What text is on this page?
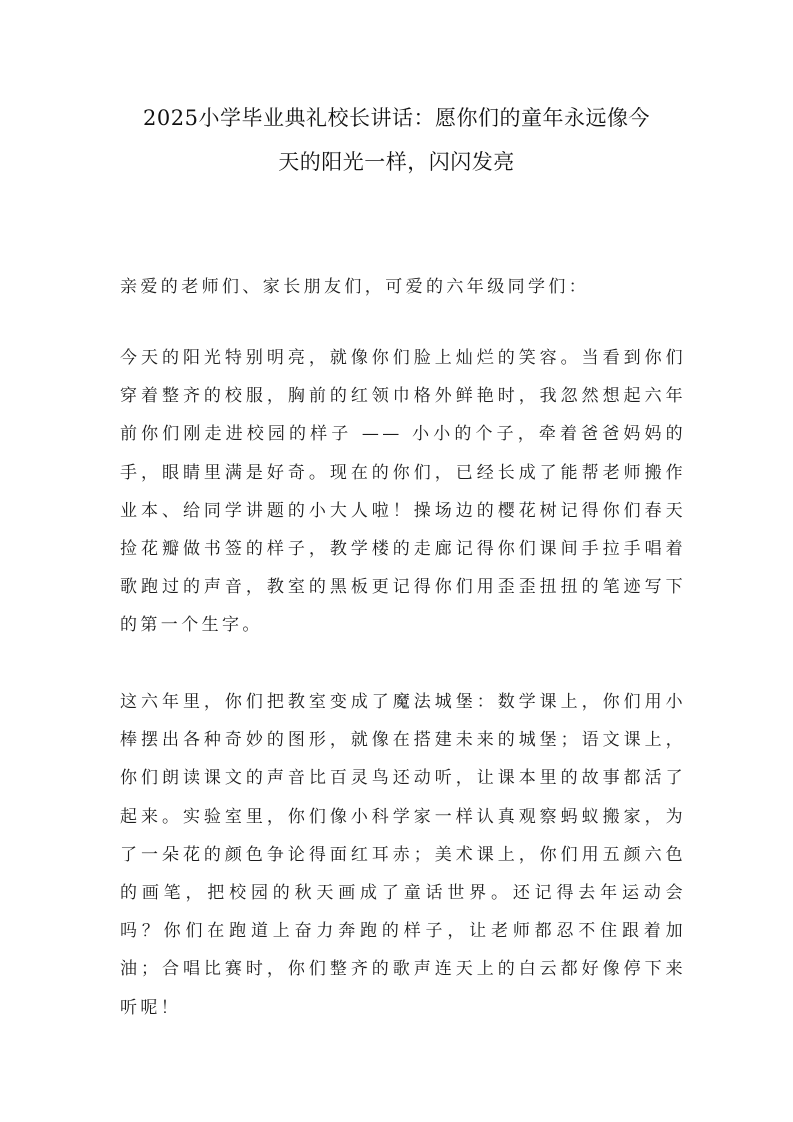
2025小学毕业典礼校长讲话：愿你们的童年永远像今
天的阳光一样，闪闪发亮

亲爱的老师们、家长朋友们，可爱的六年级同学们：

今天的阳光特别明亮，就像你们脸上灿烂的笑容。当看到你们穿着整齐的校服，胸前的红领巾格外鲜艳时，我忽然想起六年前你们刚走进校园的样子 —— 小小的个子，牵着爸爸妈妈的手，眼睛里满是好奇。现在的你们，已经长成了能帮老师搬作业本、给同学讲题的小大人啦！操场边的樱花树记得你们春天捡花瓣做书签的样子，教学楼的走廊记得你们课间手拉手唱着歌跑过的声音，教室的黑板更记得你们用歪歪扭扭的笔迹写下的第一个生字。

这六年里，你们把教室变成了魔法城堡：数学课上，你们用小棒摆出各种奇妙的图形，就像在搭建未来的城堡；语文课上，你们朗读课文的声音比百灵鸟还动听，让课本里的故事都活了起来。实验室里，你们像小科学家一样认真观察蚂蚁搬家，为了一朵花的颜色争论得面红耳赤；美术课上，你们用五颜六色的画笔，把校园的秋天画成了童话世界。还记得去年运动会吗？你们在跑道上奋力奔跑的样子，让老师都忍不住跟着加油；合唱比赛时，你们整齐的歌声连天上的白云都好像停下来听呢！
